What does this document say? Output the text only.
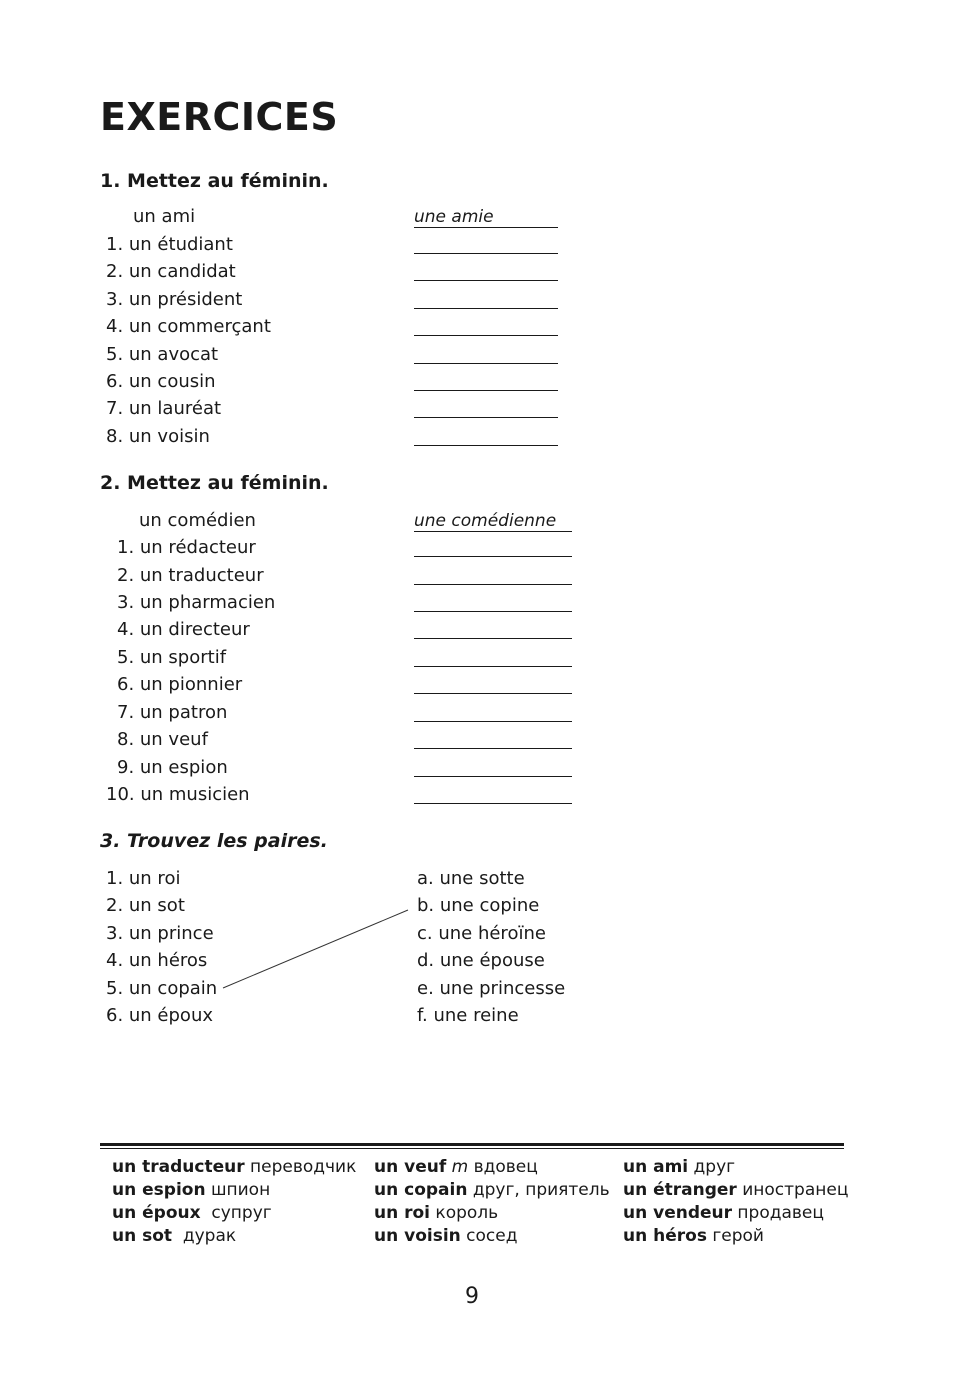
EXERCICES
1. Mettez au féminin.
un ami	une amie
1. un étudiant
2. un candidat
3. un président
4. un commerçant
5. un avocat
6. un cousin
7. un lauréat
8. un voisin
2. Mettez au féminin.
un comédien	une comédienne
1. un rédacteur
2. un traducteur
3. un pharmacien
4. un directeur
5. un sportif
6. un pionnier
7. un patron
8. un veuf
9. un espion
10. un musicien
3. Trouvez les paires.
1. un roi
2. un sot
3. un prince
4. un héros
5. un copain
6. un époux
a. une sotte
b. une copine
c. une héroïne
d. une épouse
e. une princesse
f. une reine
un traducteur переводчик
un espion шпион
un époux  супруг
un sot  дурак
un veuf m вдовец
un copain друг, приятель
un roi король
un voisin сосед
un ami друг
un étranger иностранец
un vendeur продавец
un héros герой
9
